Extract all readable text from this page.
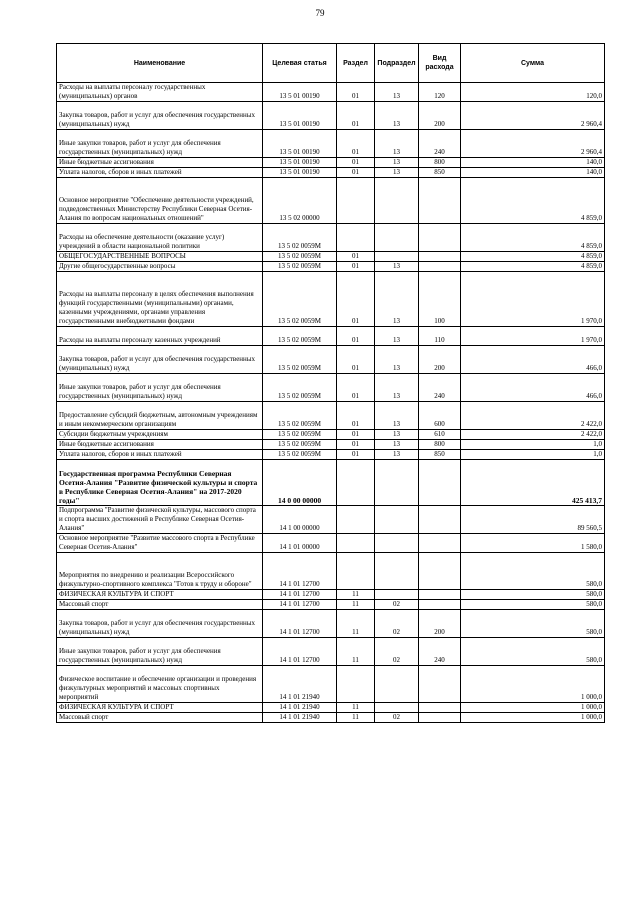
79
Наименование	Целевая статья	Раздел	Подраздел	Вид расхода	Сумма
Расходы на выплаты персоналу государственных (муниципальных) органов	13 5 01 00190	01	13	120	120,0
Закупка товаров, работ и услуг для обеспечения государственных (муниципальных) нужд	13 5 01 00190	01	13	200	2 960,4
Иные закупки товаров, работ и услуг для обеспечения государственных (муниципальных) нужд	13 5 01 00190	01	13	240	2 960,4
Иные бюджетные ассигнования	13 5 01 00190	01	13	800	140,0
Уплата налогов, сборов и иных платежей	13 5 01 00190	01	13	850	140,0
Основное мероприятие "Обеспечение деятельности учреждений, подведомственных Министерству Республики Северная Осетия-Алания по вопросам национальных отношений"	13 5 02 00000				4 859,0
Расходы на обеспечение деятельности (оказание услуг) учреждений в области национальной политики	13 5 02 0059М				4 859,0
ОБЩЕГОСУДАРСТВЕННЫЕ ВОПРОСЫ	13 5 02 0059М	01			4 859,0
Другие общегосударственные вопросы	13 5 02 0059М	01	13		4 859,0
Расходы на выплаты персоналу в целях обеспечения выполнения функций государственными (муниципальными) органами, казенными учреждениями, органами управления государственными внебюджетными фондами	13 5 02 0059М	01	13	100	1 970,0
Расходы на выплаты персоналу казенных учреждений	13 5 02 0059М	01	13	110	1 970,0
Закупка товаров, работ и услуг для обеспечения государственных (муниципальных) нужд	13 5 02 0059М	01	13	200	466,0
Иные закупки товаров, работ и услуг для обеспечения государственных (муниципальных) нужд	13 5 02 0059М	01	13	240	466,0
Предоставление субсидий бюджетным, автономным учреждениям и иным некоммерческим организациям	13 5 02 0059М	01	13	600	2 422,0
Субсидии бюджетным учреждениям	13 5 02 0059М	01	13	610	2 422,0
Иные бюджетные ассигнования	13 5 02 0059М	01	13	800	1,0
Уплата налогов, сборов и иных платежей	13 5 02 0059М	01	13	850	1,0
Государственная программа Республики Северная Осетия-Алания "Развитие физической культуры и спорта в Республике Северная Осетия-Алания" на 2017-2020 годы"	14 0 00 00000				425 413,7
Подпрограмма "Развитие физической культуры, массового спорта и спорта высших достижений в Республике Северная Осетия-Алания"	14 1 00 00000				89 560,5
Основное мероприятие "Развитие массового спорта в Республике Северная Осетия-Алания"	14 1 01 00000				1 580,0
Мероприятия по внедрению и реализации Всероссийского физкультурно-спортивного комплекса "Готов к труду и обороне"	14 1 01 12700				580,0
ФИЗИЧЕСКАЯ КУЛЬТУРА И СПОРТ	14 1 01 12700	11			580,0
Массовый спорт	14 1 01 12700	11	02		580,0
Закупка товаров, работ и услуг для обеспечения государственных (муниципальных) нужд	14 1 01 12700	11	02	200	580,0
Иные закупки товаров, работ и услуг для обеспечения государственных (муниципальных) нужд	14 1 01 12700	11	02	240	580,0
Физическое воспитание и обеспечение организации и проведения физкультурных мероприятий и массовых спортивных мероприятий	14 1 01 21940				1 000,0
ФИЗИЧЕСКАЯ КУЛЬТУРА И СПОРТ	14 1 01 21940	11			1 000,0
Массовый спорт	14 1 01 21940	11	02		1 000,0
